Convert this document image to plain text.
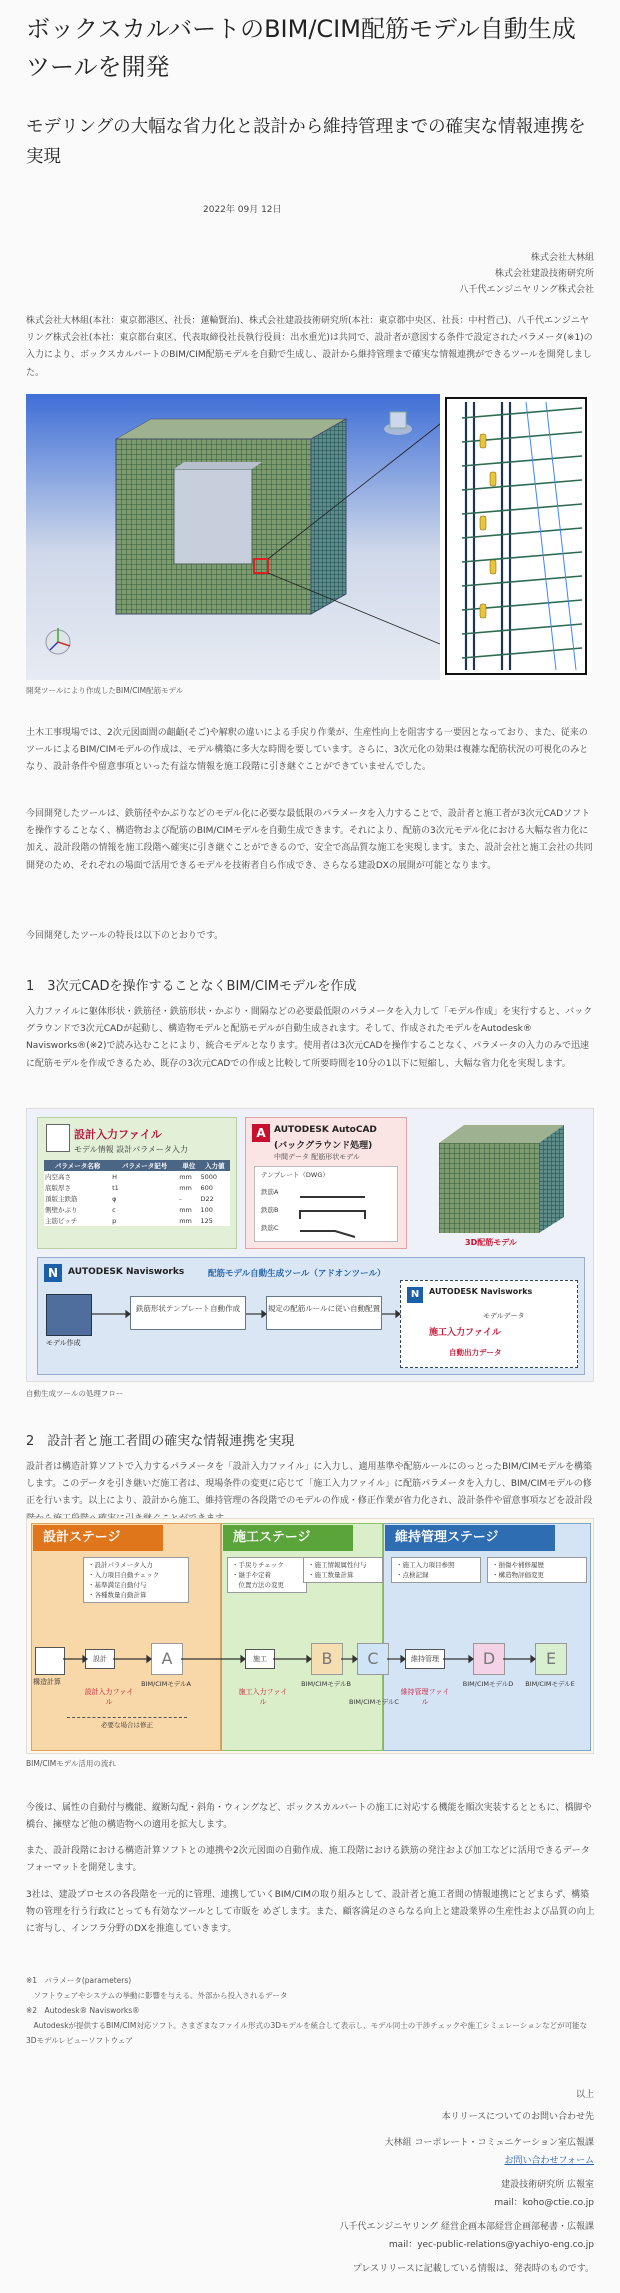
ボックスカルバートのBIM/CIM配筋モデル自動生成ツールを開発
モデリングの大幅な省力化と設計から維持管理までの確実な情報連携を実現
2022年 09月 12日
株式会社大林組
株式会社建設技術研究所
八千代エンジニヤリング株式会社
株式会社大林組(本社：東京都港区、社長：蓮輪賢治)、株式会社建設技術研究所(本社：東京都中央区、社長：中村哲己)、八千代エンジニヤリング株式会社(本社：東京都台東区、代表取締役社長執行役員：出水重光)は共同で、設計者が意図する条件で設定されたパラメータ(※1)の入力により、ボックスカルバートのBIM/CIM配筋モデルを自動で生成し、設計から維持管理まで確実な情報連携ができるツールを開発しました。
開発ツールにより作成したBIM/CIM配筋モデル
土木工事現場では、2次元図面間の齟齬(そご)や解釈の違いによる手戻り作業が、生産性向上を阻害する一要因となっており、また、従来のツールによるBIM/CIMモデルの作成は、モデル構築に多大な時間を要しています。さらに、3次元化の効果は複雑な配筋状況の可視化のみとなり、設計条件や留意事項といった有益な情報を施工段階に引き継ぐことができていませんでした。
今回開発したツールは、鉄筋径やかぶりなどのモデル化に必要な最低限のパラメータを入力することで、設計者と施工者が3次元CADソフトを操作することなく、構造物および配筋のBIM/CIMモデルを自動生成できます。それにより、配筋の3次元モデル化における大幅な省力化に加え、設計段階の情報を施工段階へ確実に引き継ぐことができるので、安全で高品質な施工を実現します。また、設計会社と施工会社の共同開発のため、それぞれの場面で活用できるモデルを技術者自ら作成でき、さらなる建設DXの展開が可能となります。
今回開発したツールの特長は以下のとおりです。
1　3次元CADを操作することなくBIM/CIMモデルを作成
入力ファイルに躯体形状・鉄筋径・鉄筋形状・かぶり・間隔などの必要最低限のパラメータを入力して「モデル作成」を実行すると、バックグラウンドで3次元CADが起動し、構造物モデルと配筋モデルが自動生成されます。そして、作成されたモデルをAutodesk® Navisworks®(※2)で読み込むことにより、統合モデルとなります。使用者は3次元CADを操作することなく、パラメータの入力のみで迅速に配筋モデルを作成できるため、既存の3次元CADでの作成と比較して所要時間を10分の1以下に短縮し、大幅な省力化を実現します。
設計入力ファイル
モデル情報 設計パラメータ入力
パラメータ名称	パラメータ記号	単位	入力値
内空高さ	H	mm	5000
底版厚さ	t1	mm	600
頂版主鉄筋	φ	-	D22
側壁かぶり	c	mm	100
主筋ピッチ	p	mm	125
A AUTODESK AutoCAD
(バックグラウンド処理)
中間データ 配筋形状モデル
テンプレート（DWG）
鉄筋A
鉄筋B
鉄筋C
3D配筋モデル
N	AUTODESK Navisworks	配筋モデル自動生成ツール（アドオンツール）
モデル作成
鉄筋形状テンプレート自動作成	規定の配筋ルールに従い自動配置
N	AUTODESK Navisworks
モデルデータ
施工入力ファイル
自動出力データ
自動生成ツールの処理フロー
2　設計者と施工者間の確実な情報連携を実現
設計者は構造計算ソフトで入力するパラメータを「設計入力ファイル」に入力し、適用基準や配筋ルールにのっとったBIM/CIMモデルを構築します。このデータを引き継いだ施工者は、現場条件の変更に応じて「施工入力ファイル」に配筋パラメータを入力し、BIM/CIMモデルの修正を行います。以上により、設計から施工、維持管理の各段階でのモデルの作成・修正作業が省力化され、設計条件や留意事項などを設計段
設計ステージ	施工ステージ	維持管理ステージ
・設計パラメータ入力
・入力項目自動チェック
・基準満足自動付与
・各種数量自動計算
・手戻りチェック
・継手や定着
　位置方法の変更
・施工情報属性付与
・施工数量計算
・施工入力項目参照
・点検記録
・損傷や補修履歴
・構造物評価変更
構造計算
設計	施工	維持管理
設計入力ファイル
施工入力ファイル
維持管理ファイル
A	B	C	D	E
BIM/CIMモデルA	BIM/CIMモデルB
BIM/CIMモデルC
BIM/CIMモデルD	BIM/CIMモデルE
必要な場合は修正
BIM/CIMモデル活用の流れ
今後は、属性の自動付与機能、縦断勾配・斜角・ウィングなど、ボックスカルバートの施工に対応する機能を順次実装するとともに、橋脚や橋台、擁壁など他の構造物への適用を拡大します。
また、設計段階における構造計算ソフトとの連携や2次元図面の自動作成、施工段階における鉄筋の発注および加工などに活用できるデータフォーマットを開発します。
3社は、建設プロセスの各段階を一元的に管理、連携していくBIM/CIMの取り組みとして、設計者と施工者間の情報連携にとどまらず、構築物の管理を行う行政にとっても有効なツールとして市販を めざします。また、顧客満足のさらなる向上と建設業界の生産性および品質の向上に寄与し、インフラ分野のDXを推進していきます。
※1　パラメータ(parameters)
　ソフトウェアやシステムの挙動に影響を与える、外部から投入されるデータ
※2　Autodesk® Navisworks®
　Autodeskが提供するBIM/CIM対応ソフト。さまざまなファイル形式の3Dモデルを統合して表示し、モデル同士の干渉チェックや施工シミュレーションなどが可能な3Dモデルレビューソフトウェア
以上
本リリースについてのお問い合わせ先
大林組 コーポレート・コミュニケーション室広報課
お問い合わせフォーム
建設技術研究所 広報室
mail：koho@ctie.co.jp
八千代エンジニヤリング 経営企画本部経営企画部秘書・広報課
mail：yec-public-relations@yachiyo-eng.co.jp
プレスリリースに記載している情報は、発表時のものです。
